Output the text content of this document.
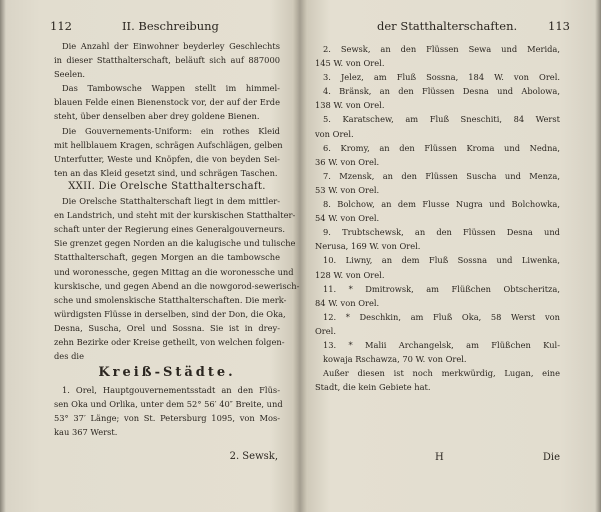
112	II. Beschreibung
Die Anzahl der Einwohner beyderley Geschlechts
in dieser Statthalterschaft, beläuft sich auf 887000
Seelen.
Das Tambowsche Wappen stellt im himmel-
blauen Felde einen Bienenstock vor, der auf der Erde
steht, über denselben aber drey goldene Bienen.
Die Gouvernements-Uniform: ein rothes Kleid
mit hellblauem Kragen, schrägen Aufschlägen, gelben
Unterfutter, Weste und Knöpfen, die von beyden Sei-
ten an das Kleid gesetzt sind, und schrägen Taschen.
XXII. Die Orelsche Statthalterschaft.
Die Orelsche Statthalterschaft liegt in dem mittler-
en Landstrich, und steht mit der kurskischen Statthalter-
schaft unter der Regierung eines Generalgouverneurs.
Sie grenzet gegen Norden an die kalugische und tulische
Statthalterschaft, gegen Morgen an die tambowsche
und woronessche, gegen Mittag an die woronessche und
kurskische, und gegen Abend an die nowgorod-sewerisch-
sche und smolenskische Statthalterschaften. Die merk-
würdigsten Flüsse in derselben, sind der Don, die Oka,
Desna, Suscha, Orel und Sossna. Sie ist in drey-
zehn Bezirke oder Kreise getheilt, von welchen folgen-
des die
Kreiß-Städte.
1. Orel, Hauptgouvernementsstadt an den Flüs-
sen Oka und Orlika, unter dem 52° 56′ 40″ Breite, und
53° 37′ Länge; von St. Petersburg 1095, von Mos-
kau 367 Werst.
2. Sewsk,
der Statthalterschaften.	113
2. Sewsk, an den Flüssen Sewa und Merida,
145 W. von Orel.
3. Jelez, am Fluß Sossna, 184 W. von Orel.
4. Bränsk, an den Flüssen Desna und Abolowa,
138 W. von Orel.
5. Karatschew, am Fluß Sneschiti, 84 Werst
von Orel.
6. Kromy, an den Flüssen Kroma und Nedna,
36 W. von Orel.
7. Mzensk, an den Flüssen Suscha und Menza,
53 W. von Orel.
8. Bolchow, an dem Flusse Nugra und Bolchowka,
54 W. von Orel.
9. Trubtschewsk, an den Flüssen Desna und
Nerusa, 169 W. von Orel.
10. Liwny, an dem Fluß Sossna und Liwenka,
128 W. von Orel.
11. * Dmitrowsk, am Flüßchen Obtscheritza,
84 W. von Orel.
12. * Deschkin, am Fluß Oka, 58 Werst von
Orel.
13. * Malii Archangelsk, am Flüßchen Kul-
kowaja Rschawza, 70 W. von Orel.
Außer diesen ist noch merkwürdig, Lugan, eine
Stadt, die kein Gebiete hat.
H	Die
